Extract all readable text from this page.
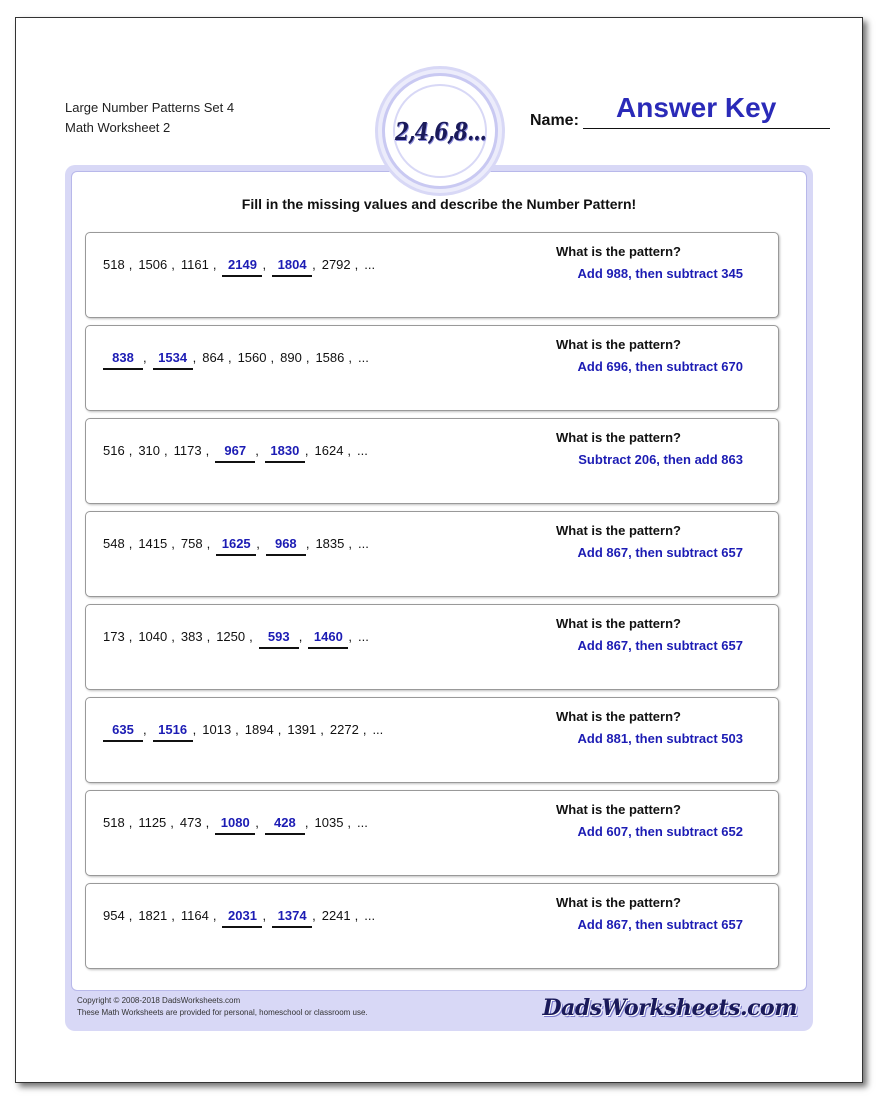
Large Number Patterns Set 4
Math Worksheet 2	2,4,6,8...
Answer Key
Name:
Fill in the missing values and describe the Number Pattern!
518 , 1506 , 1161 , 2149 , 1804 , 2792 , ...
What is the pattern?
Add 988, then subtract 345
838 , 1534 , 864 , 1560 , 890 , 1586 , ...
What is the pattern?
Add 696, then subtract 670
516 , 310 , 1173 , 967 , 1830 , 1624 , ...
What is the pattern?
Subtract 206, then add 863
548 , 1415 , 758 , 1625 , 968 , 1835 , ...
What is the pattern?
Add 867, then subtract 657
173 , 1040 , 383 , 1250 , 593 , 1460 , ...
What is the pattern?
Add 867, then subtract 657
635 , 1516 , 1013 , 1894 , 1391 , 2272 , ...
What is the pattern?
Add 881, then subtract 503
518 , 1125 , 473 , 1080 , 428 , 1035 , ...
What is the pattern?
Add 607, then subtract 652
954 , 1821 , 1164 , 2031 , 1374 , 2241 , ...
What is the pattern?
Add 867, then subtract 657
Copyright © 2008-2018 DadsWorksheets.com
These Math Worksheets are provided for personal, homeschool or classroom use.	DadsWorksheets.com
